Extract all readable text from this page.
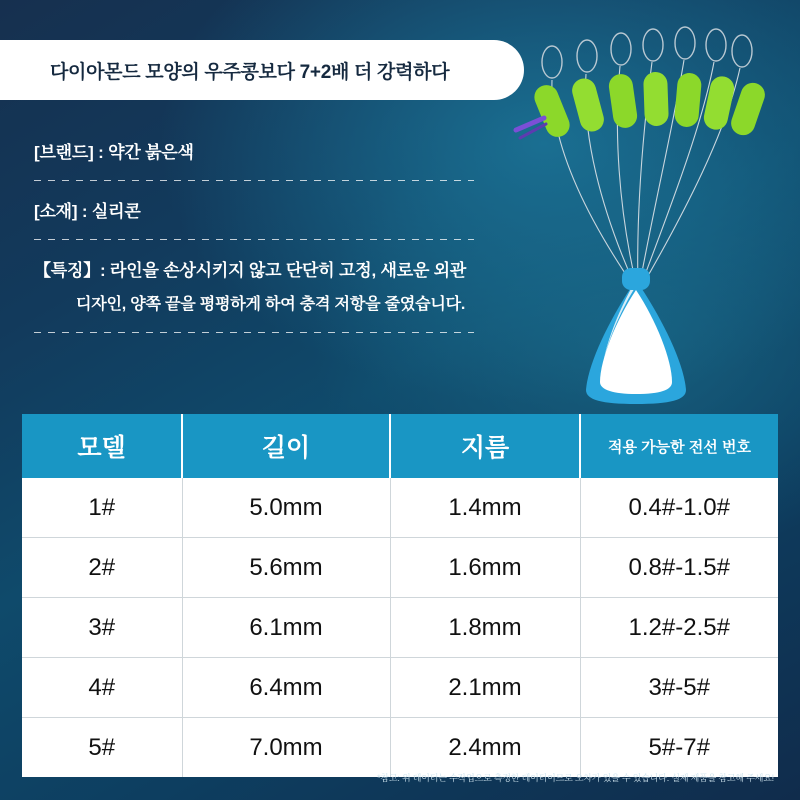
다이아몬드 모양의 우주콩보다 7+2배 더 강력하다
[브랜드] : 약간 붉은색
[소재] : 실리콘
【특징】: 라인을 손상시키지 않고 단단히 고정, 새로운 외관
디자인, 양쪽 끝을 평평하게 하여 충격 저항을 줄였습니다.
모델	길이	지름	적용 가능한 전선 번호
1#	5.0mm	1.4mm	0.4#-1.0#
2#	5.6mm	1.6mm	0.8#-1.5#
3#	6.1mm	1.8mm	1.2#-2.5#
4#	6.4mm	2.1mm	3#-5#
5#	7.0mm	2.4mm	5#-7#
*참고: 위 데이터는 수작업으로 측정한 데이터이므로 오차가 있을 수 있습니다. 실제 제품을 참고해 주세요!
